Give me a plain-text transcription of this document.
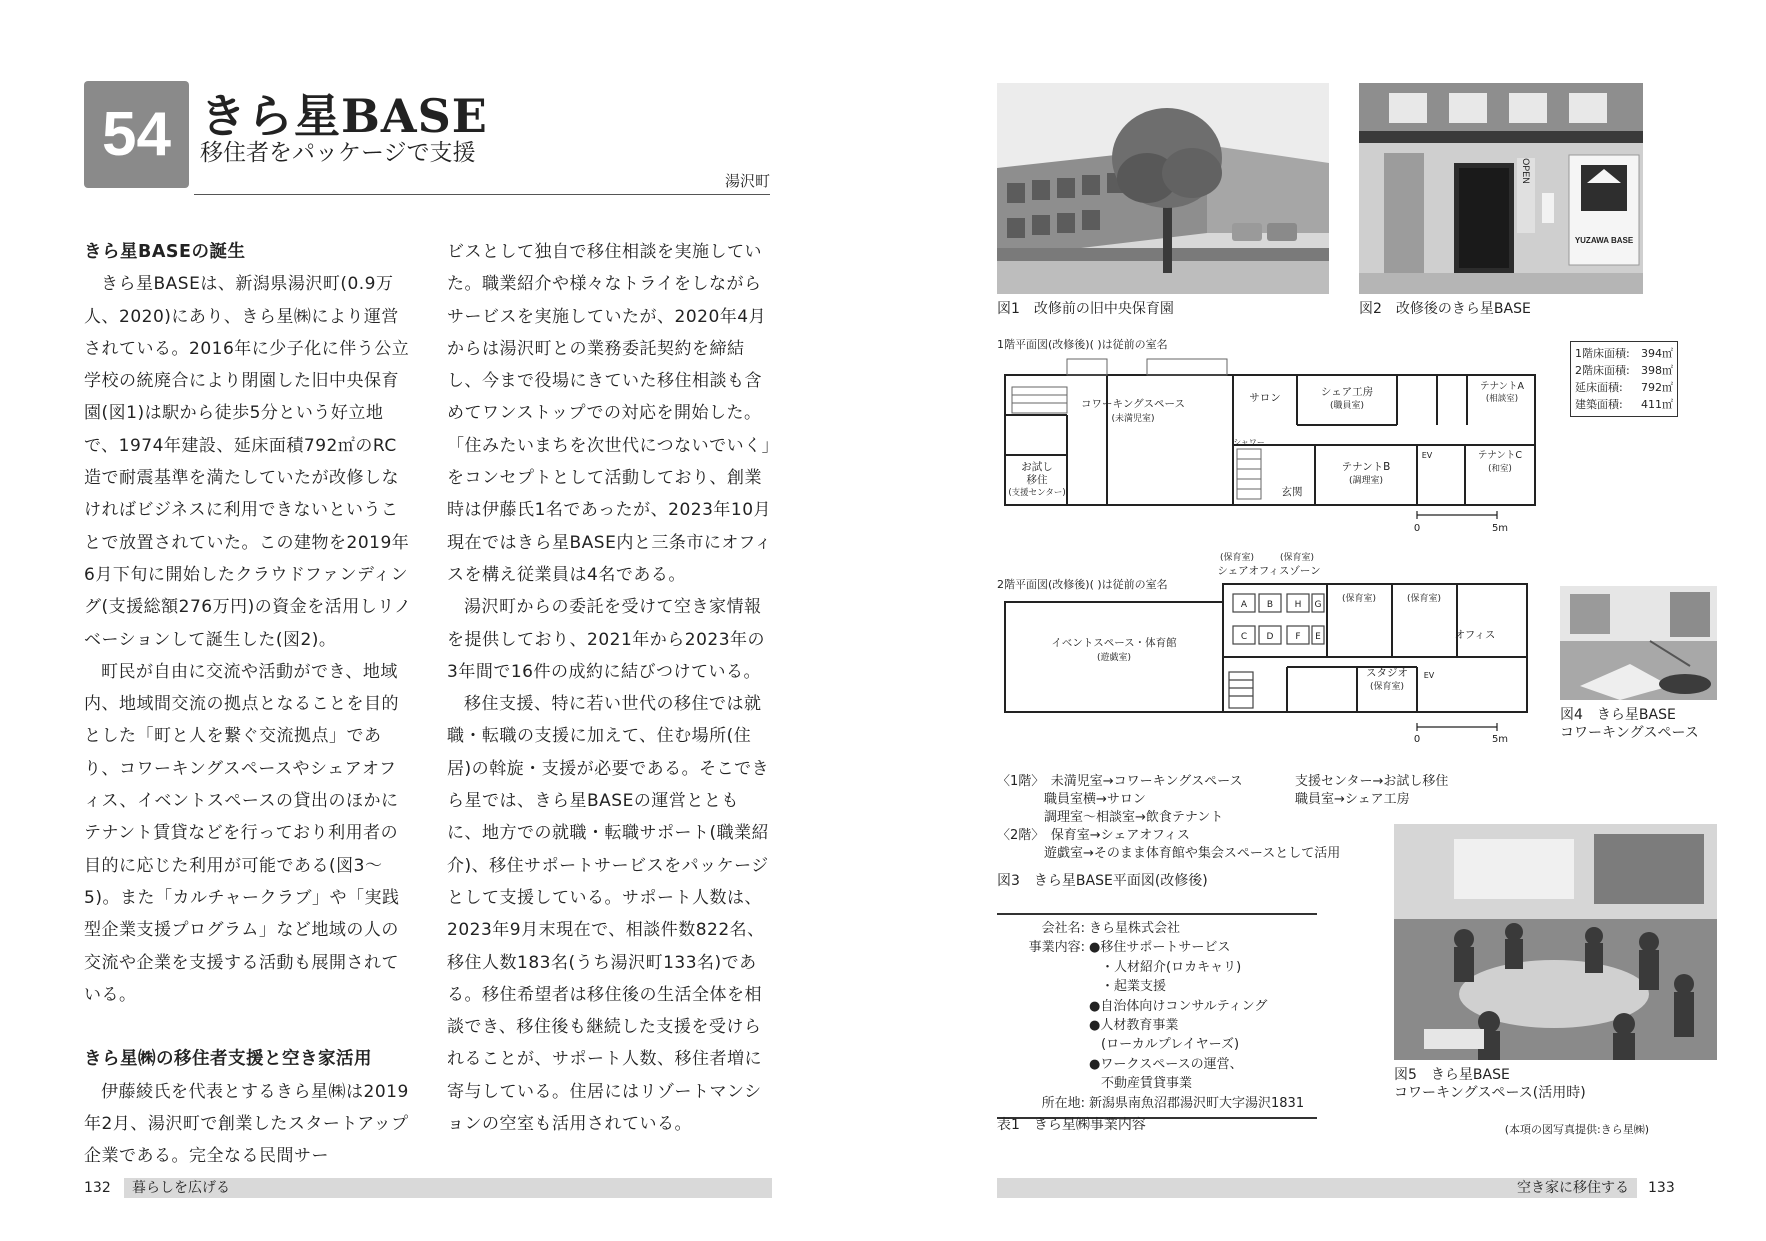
54 きら星BASE
移住者をパッケージで支援
湯沢町
きら星BASEの誕生

きら星BASEは、新潟県湯沢町(0.9万人、2020)にあり、きら星㈱により運営されている。2016年に少子化に伴う公立学校の統廃合により閉園した旧中央保育園(図1)は駅から徒歩5分という好立地で、1974年建設、延床面積792㎡のRC造で耐震基準を満たしていたが改修しなければビジネスに利用できないということで放置されていた。この建物を2019年6月下旬に開始したクラウドファンディング(支援総額276万円)の資金を活用しリノベーションして誕生した(図2)。

町民が自由に交流や活動ができ、地域内、地域間交流の拠点となることを目的とした「町と人を繋ぐ交流拠点」であり、コワーキングスペースやシェアオフィス、イベントスペースの貸出のほかにテナント賃貸などを行っており利用者の目的に応じた利用が可能である(図3〜5)。また「カルチャークラブ」や「実践型企業支援プログラム」など地域の人の交流や企業を支援する活動も展開されている。

きら星㈱の移住者支援と空き家活用

伊藤綾氏を代表とするきら星㈱は2019年2月、湯沢町で創業したスタートアップ企業である。完全なる民間サー

ビスとして独自で移住相談を実施していた。職業紹介や様々なトライをしながらサービスを実施していたが、2020年4月からは湯沢町との業務委託契約を締結し、今まで役場にきていた移住相談も含めてワンストップでの対応を開始した。「住みたいまちを次世代につないでいく」をコンセプトとして活動しており、創業時は伊藤氏1名であったが、2023年10月現在ではきら星BASE内と三条市にオフィスを構え従業員は4名である。

湯沢町からの委託を受けて空き家情報を提供しており、2021年から2023年の3年間で16件の成約に結びつけている。

移住支援、特に若い世代の移住では就職・転職の支援に加えて、住む場所(住居)の斡旋・支援が必要である。そこできら星では、きら星BASEの運営とともに、地方での就職・転職サポート(職業紹介)、移住サポートサービスをパッケージとして支援している。サポート人数は、2023年9月末現在で、相談件数822名、移住人数183名(うち湯沢町133名)である。移住希望者は移住後の生活全体を相談でき、移住後も継続した支援を受けられることが、サポート人数、移住者増に寄与している。住居にはリゾートマンションの空室も活用されている。

132	暮らしを広げる
図1　改修前の旧中央保育園
OPEN
YUZAWA BASE
図2　改修後のきら星BASE
1階平面図(改修後)( )は従前の室名
コワーキングスペース
(未満児室)
サロン	シェア工房
(職員室)
テナントA
(相談室)
お試し
移住
(支援センター)
テナントB
(調理室)
テナントC
(和室)
玄関
シャワー
EV
0	5m
1階床面積: 394㎡
2階床面積: 398㎡
延床面積: 792㎡
建築面積: 411㎡
2階平面図(改修後)( )は従前の室名
(保育室)	(保育室)
シェアオフィスゾーン
イベントスペース・体育館
(遊戯室)
(保育室)	(保育室)
オフィス
スタジオ
(保育室)
EV
A B
C D	E
F
G
H
0	5m
図4　きら星BASE
コワーキングスペース
〈1階〉　未満児室→コワーキングスペース	支援センター→お試し移住
職員室横→サロン	職員室→シェア工房
調理室〜相談室→飲食テナント
〈2階〉　保育室→シェアオフィス
遊戯室→そのまま体育館や集会スペースとして活用
図3　きら星BASE平面図(改修後)
図5　きら星BASE
コワーキングスペース(活用時)
会社名: きら星株式会社
事業内容: ●移住サポートサービス
・人材紹介(ロカキャリ)
・起業支援
●自治体向けコンサルティング
●人材教育事業
(ローカルプレイヤーズ)
●ワークスペースの運営、
不動産賃貸事業
所在地: 新潟県南魚沼郡湯沢町大字湯沢1831
表1　きら星㈱事業内容	(本項の図写真提供:きら星㈱)
空き家に移住する	133
